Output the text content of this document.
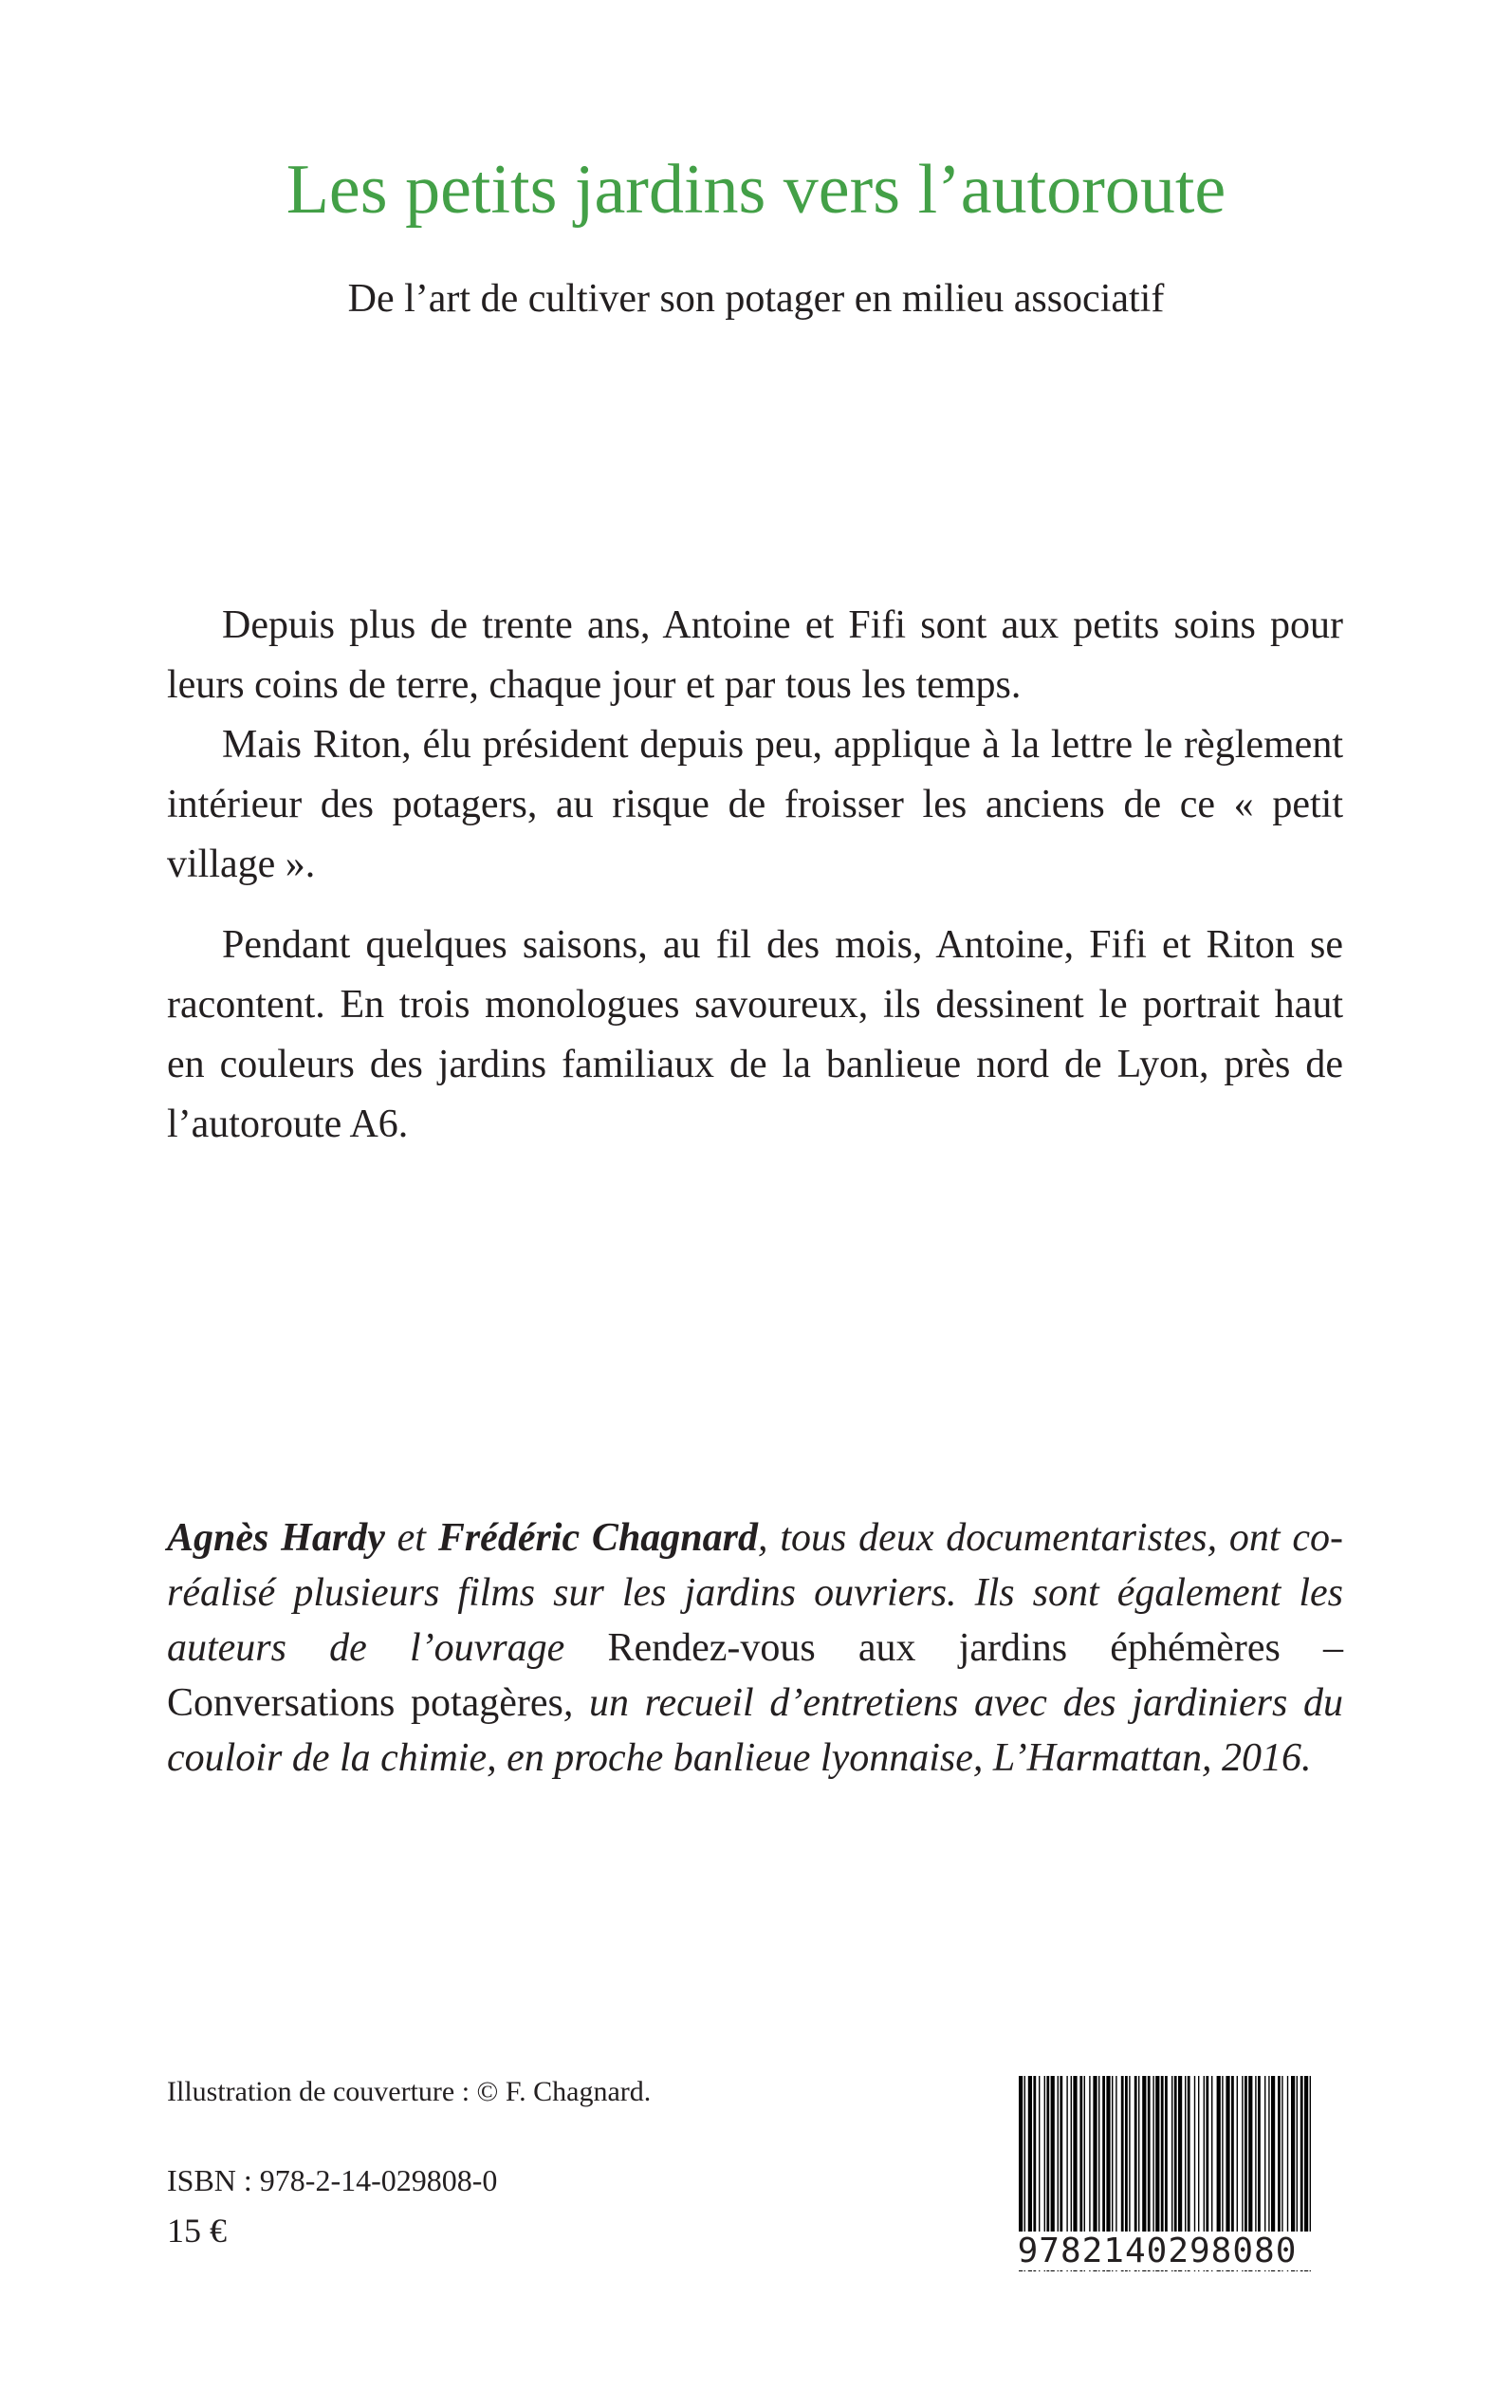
Les petits jardins vers l’autoroute
De l’art de cultiver son potager en milieu associatif

Depuis plus de trente ans, Antoine et Fifi sont aux petits soins pour leurs coins de terre, chaque jour et par tous les temps.

Mais Riton, élu président depuis peu, applique à la lettre le règlement intérieur des potagers, au risque de froisser les anciens de ce « petit village ».

Pendant quelques saisons, au fil des mois, Antoine, Fifi et Riton se racontent. En trois monologues savoureux, ils dessinent le portrait haut en couleurs des jardins familiaux de la banlieue nord de Lyon, près de l’autoroute A6.

Agnès Hardy et Frédéric Chagnard, tous deux documentaristes, ont co-réalisé plusieurs films sur les jardins ouvriers. Ils sont également les auteurs de l’ouvrage Rendez-vous aux jardins éphémères – Conversations potagères, un recueil d’entretiens avec des jardiniers du couloir de la chimie, en proche banlieue lyonnaise, L’Harmattan, 2016.
Illustration de couverture : © F. Chagnard.
ISBN : 978-2-14-029808-0
15 €
9782140298080
